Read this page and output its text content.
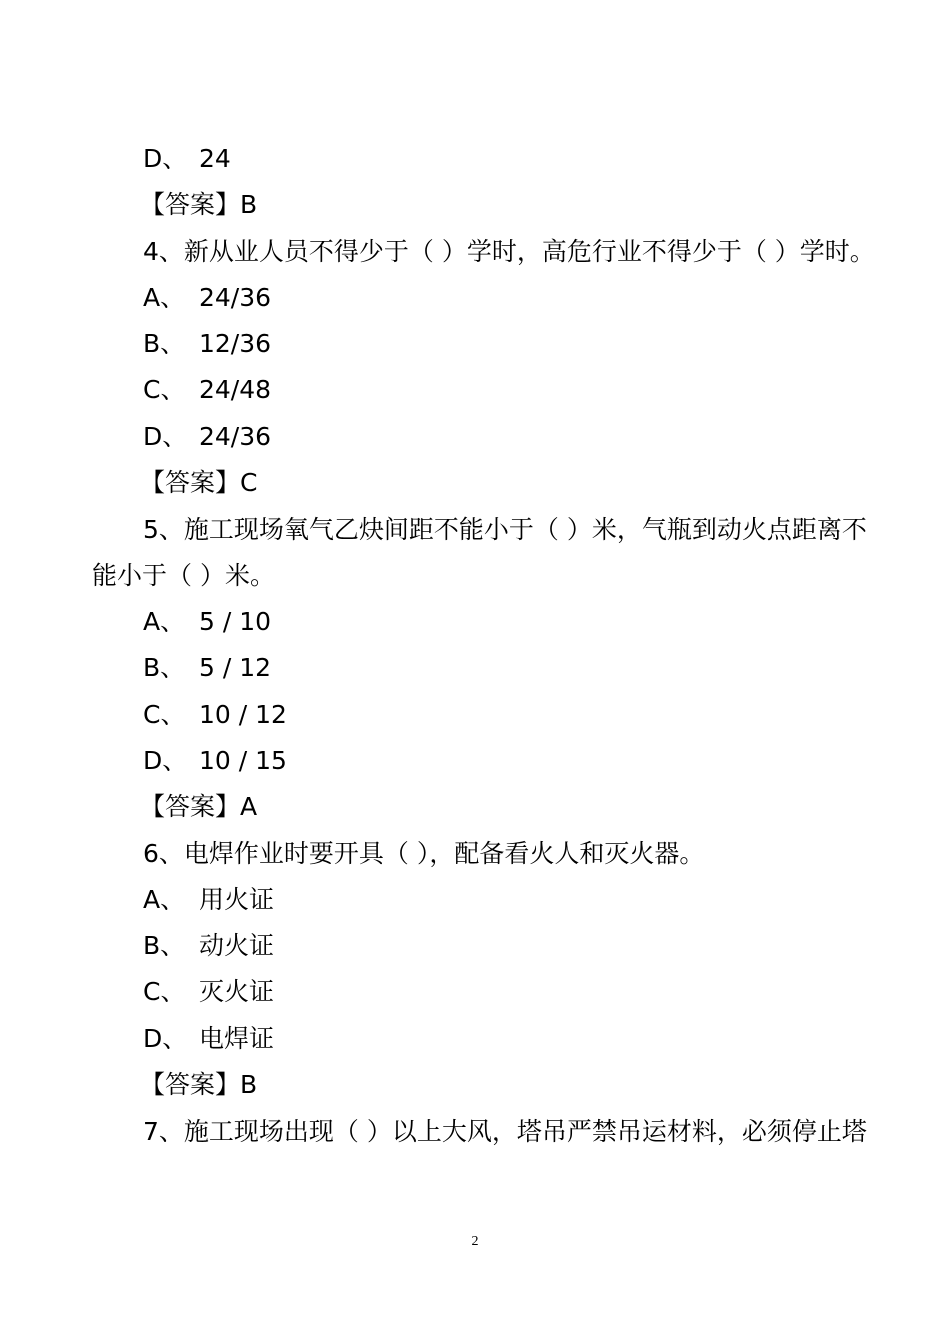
D、 24
【答案】B
4、新从业人员不得少于（ ）学时，高危行业不得少于（ ）学时。
A、 24/36
B、 12/36
C、 24/48
D、 24/36
【答案】C
5、施工现场氧气乙炔间距不能小于（ ）米，气瓶到动火点距离不
能小于（ ）米。
A、 5 / 10
B、 5 / 12
C、 10 / 12
D、 10 / 15
【答案】A
6、电焊作业时要开具（ ），配备看火人和灭火器。
A、 用火证
B、 动火证
C、 灭火证
D、 电焊证
【答案】B
7、施工现场出现（ ）以上大风，塔吊严禁吊运材料，必须停止塔
2
